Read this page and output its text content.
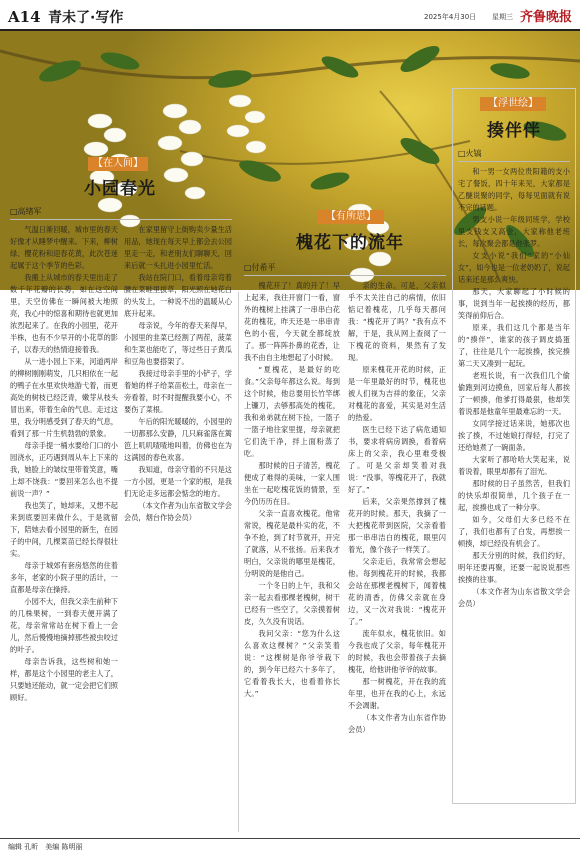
A14 青未了·写作	2025年4月30日 星期三 齐鲁晚报
【在人间】
小园春光
□高绪军

气温日渐回暖，城市里的春天好像才从睡梦中醒来。下来，柳树绿、樱花粉和迎春花黄，此次苍迷起属于这个季节的色彩。

我搬上从城市的春天里出走了数千年花瓣的长势，如在这空间里，天空仿佛在一瞬间被大地照亮，我心中的惊喜和期待也就更加浓烈起来了。在我的小园里，花开半株，也有不少早开的小花草的影子，以春天的热情迎接着我。

从一进小园上下来，河道两岸的柳树刚刚萌发，几只相依在一起的鸭子在水里欢快地游弋着，而更高处的树枝已经泛青，嫩芽从枝头冒出来，带着生命的气息。走过这里，我分明感受到了春天的气息，看到了那一片生机勃勃的景象。

母亲手提一桶水要给门口的小园浇水，正巧遇到周从车上下来的我，她脸上的皱纹里带着笑意，嘴上却不饶我：“要回来怎么也不提前说一声？”

我也笑了，她却来，又想不起来到底要回来做什么，于是就留下，陪她去看小园里的新生，在园子的中间，几棵菜苗已经长得很壮实。

母亲于城郊有套房悠然的住着多年，老家的小院子里的活计，一直都是母亲在操持。

小园不大，但我父亲生前种下的几株果树，一到春天便开满了花，母亲常常站在树下看上一会儿，然后慢慢地摘掉那些被虫咬过的叶子。

母亲告诉我，这些树和她一样，都是这个小园里的老主人了，只要她还能动，就一定会把它们照顾好。

在家里留守上街购卖少量生活用品，她现在每天早上都会去公园里走一走，和老朋友们聊聊天，回来后就一头扎进小园里忙活。

我站在院门口，看着母亲弯着腰在菜畦里拔草，阳光照在她花白的头发上，一种说不出的温暖从心底升起来。

母亲说，今年的春天来得早，小园里的韭菜已经割了两茬，菠菜和生菜也能吃了，等过些日子黄瓜和豆角也要搭架了。

我接过母亲手里的小铲子，学着她的样子给菜苗松土，母亲在一旁看着，时不时提醒我要小心，不要伤了菜根。

午后的阳光暖暖的，小园里的一切都那么安静，几只麻雀落在篱笆上叽叽喳喳地叫着，仿佛也在为这满园的春色欢喜。

我知道，母亲守着的不只是这一方小园，更是一个家的根，是我们无论走多远都会惦念的地方。

（本文作者为山东省散文学会会员，烟台作协会员）

【有所思】
槐花下的流年
□付希平

槐花开了！真的开了！早上起来，我往开窗门一看，窗外的槐树上挂满了一串串白花花的槐花，昨天还是一串串青色的小苞，今天就全都绽放了。那一阵阵扑鼻的花香，让我不由自主地想起了小时候。

“夏槐花，是最好的吃食。”父亲每年都这么说。每到这个时候，他总要用长竹竿绑上镰刀，去够那高处的槐花，我和弟弟就在树下捡，一篮子一篮子地往家里提，母亲就把它们洗干净，拌上面粉蒸了吃。

那时候的日子清苦，槐花便成了难得的美味，一家人围坐在一起吃槐花饭的情景，至今仍历历在目。

父亲一直喜欢槐花。他常常说，槐花是最朴实的花，不争不抢，到了时节就开，开完了就落，从不张扬。后来我才明白，父亲说的哪里是槐花，分明说的是他自己。

一个冬日的上午，我和父亲一起去看那棵老槐树，树干已经有一些空了，父亲摸着树皮，久久没有说话。

我问父亲：“您为什么这么喜欢这棵树？”父亲笑着说：“这棵树是你爷爷栽下的，到今年已经六十多年了，它看着我长大，也看着你长大。”

亲的生命。可是，父亲似乎不太关注自己的病情，依旧惦记着槐花，几乎每天都问我：“槐花开了吗？”我有点不解，于是，我从网上查阅了一下槐花的资料，果然有了发现。

原来槐花开花的时候，正是一年里最好的时节，槐花也被人们视为吉祥的象征，父亲对槐花的喜爱，其实是对生活的热爱。

医生已经下达了病危通知书，要求将病房调换，看着病床上的父亲，我心里难受极了。可是父亲却笑着对我说：“没事，等槐花开了，我就好了。”

后来，父亲果然撑到了槐花开的时候。那天，我摘了一大把槐花带到医院，父亲看着那一串串洁白的槐花，眼里闪着光，像个孩子一样笑了。

父亲走后，我常常会想起他。每到槐花开的时候，我都会站在那棵老槐树下，闻着槐花的清香，仿佛父亲就在身边，又一次对我说：“槐花开了。”

流年似水，槐花依旧。如今我也成了父亲，每年槐花开的时候，我也会带着孩子去摘槐花，给他讲他爷爷的故事。

那一树槐花，开在我的流年里，也开在我的心上，永远不会凋谢。

（本文作者为山东省作协会员）

【浮世绘】
揍伴伴
□火镐

和一男一女两位贵阳籍的支小宅了餐饭，四十年来见，大家都是乙醚说聚的同学，每每见面就有说不完的话题。

男支小说一年级同班学，学校里支钱支又高金，大家称他老班长，每次聚会都是他张罗。

女支小说“我们”家的“小仙女”，如今也是一位老奶奶了，说起话来还是那么爽快。

那天，大家聊起了小时候的事，说到当年一起挨揍的经历，都笑得前仰后合。

原来，我们这几个都是当年的“揍伴”，谁家的孩子调皮捣蛋了，往往是几个一起挨揍，挨完揍第二天又凑到一起玩。

老班长说，有一次我们几个偷偷跑到河边摸鱼，回家后每人都挨了一顿揍，他爹打得最狠，他却笑着说那是他童年里最难忘的一天。

女同学接过话来说，她那次也挨了揍，不过她娘打得轻，打完了还给她煮了一碗面条。

大家听了都哈哈大笑起来，说着说着，眼里却都有了泪光。

那时候的日子虽然苦，但我们的快乐却很简单，几个孩子在一起，挨揍也成了一种分享。

如今，父母们大多已经不在了，我们也都有了白发，再想挨一顿揍，却已经没有机会了。

那天分别的时候，我们约好，明年还要再聚，还要一起说说那些挨揍的往事。

（本文作者为山东省散文学会会员）

编辑 孔昕　美编 陈明丽
